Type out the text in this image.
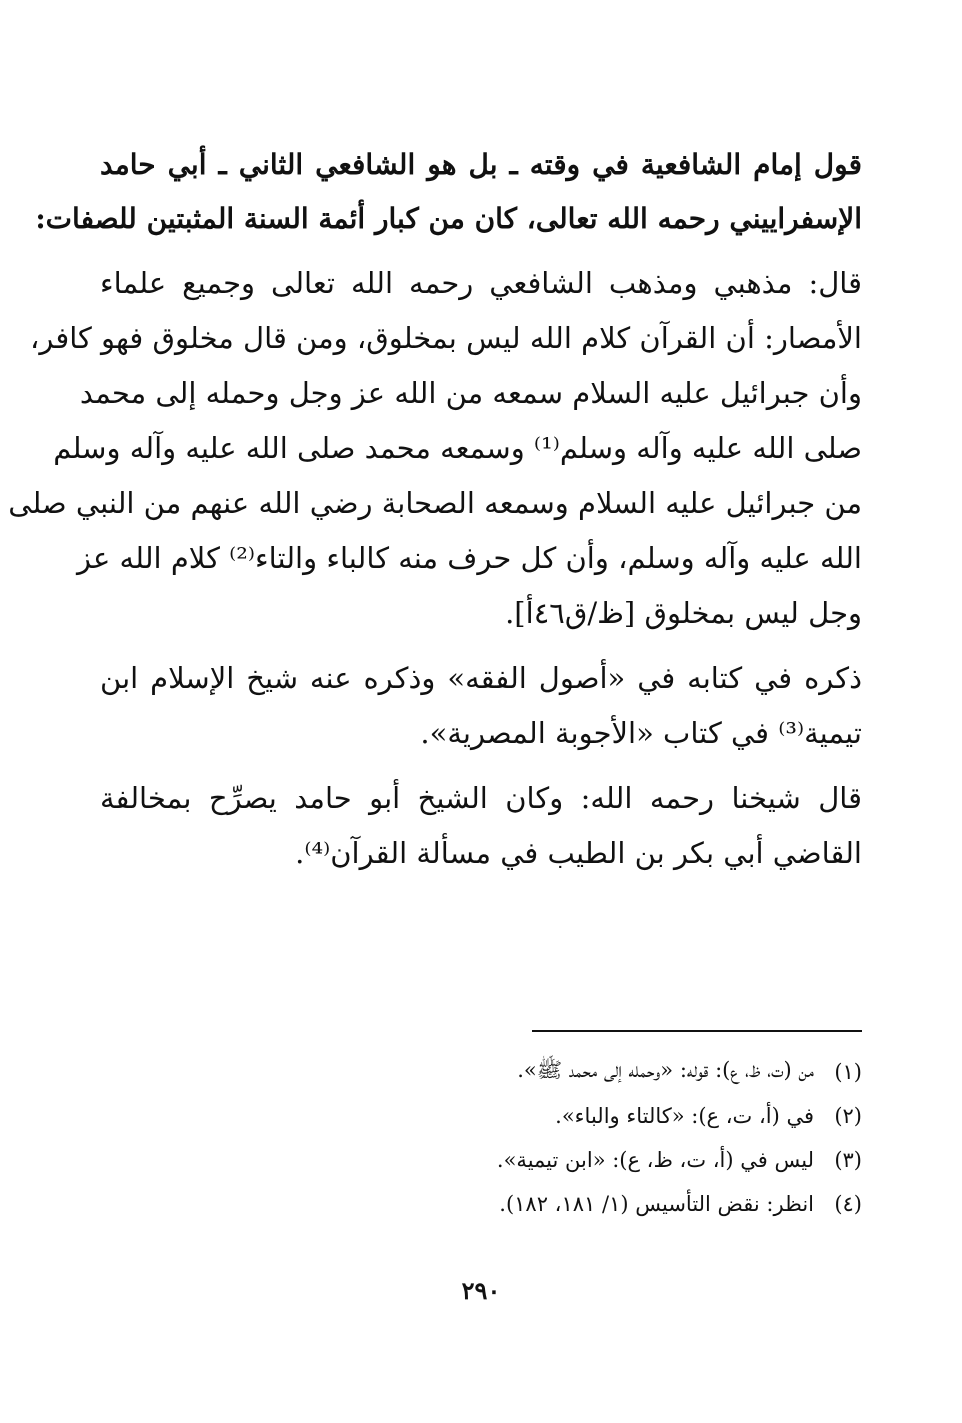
قول إمام الشافعية في وقته ـ بل هو الشافعي الثاني ـ أبي حامد
الإسفراييني رحمه الله تعالى، كان من كبار أئمة السنة المثبتين للصفات:
قال: مذهبي ومذهب الشافعي رحمه الله تعالى وجميع علماء
الأمصار: أن القرآن كلام الله ليس بمخلوق، ومن قال مخلوق فهو كافر،
وأن جبرائيل عليه السلام سمعه من الله عز وجل وحمله إلى محمد
صلى الله عليه وآله وسلم⁽¹⁾ وسمعه محمد صلى الله عليه وآله وسلم
من جبرائيل عليه السلام وسمعه الصحابة رضي الله عنهم من النبي صلى
الله عليه وآله وسلم، وأن كل حرف منه كالباء والتاء⁽²⁾ كلام الله عز
وجل ليس بمخلوق [ظ/ق٤٦أ].
ذكره في كتابه في «أصول الفقه» وذكره عنه شيخ الإسلام ابن
تيمية⁽³⁾ في كتاب «الأجوبة المصرية».
قال شيخنا رحمه الله: وكان الشيخ أبو حامد يصرِّح بمخالفة
القاضي أبي بكر بن الطيب في مسألة القرآن⁽⁴⁾.
(١)
من (ت، ظ، ع): قوله: «وحمله إلى محمد ﷺ».
(٢)
في (أ، ت، ع): «كالتاء والباء».
(٣)
ليس في (أ، ت، ظ، ع): «ابن تيمية».
(٤)
انظر: نقض التأسيس (١/ ١٨١، ١٨٢).
٢٩٠
